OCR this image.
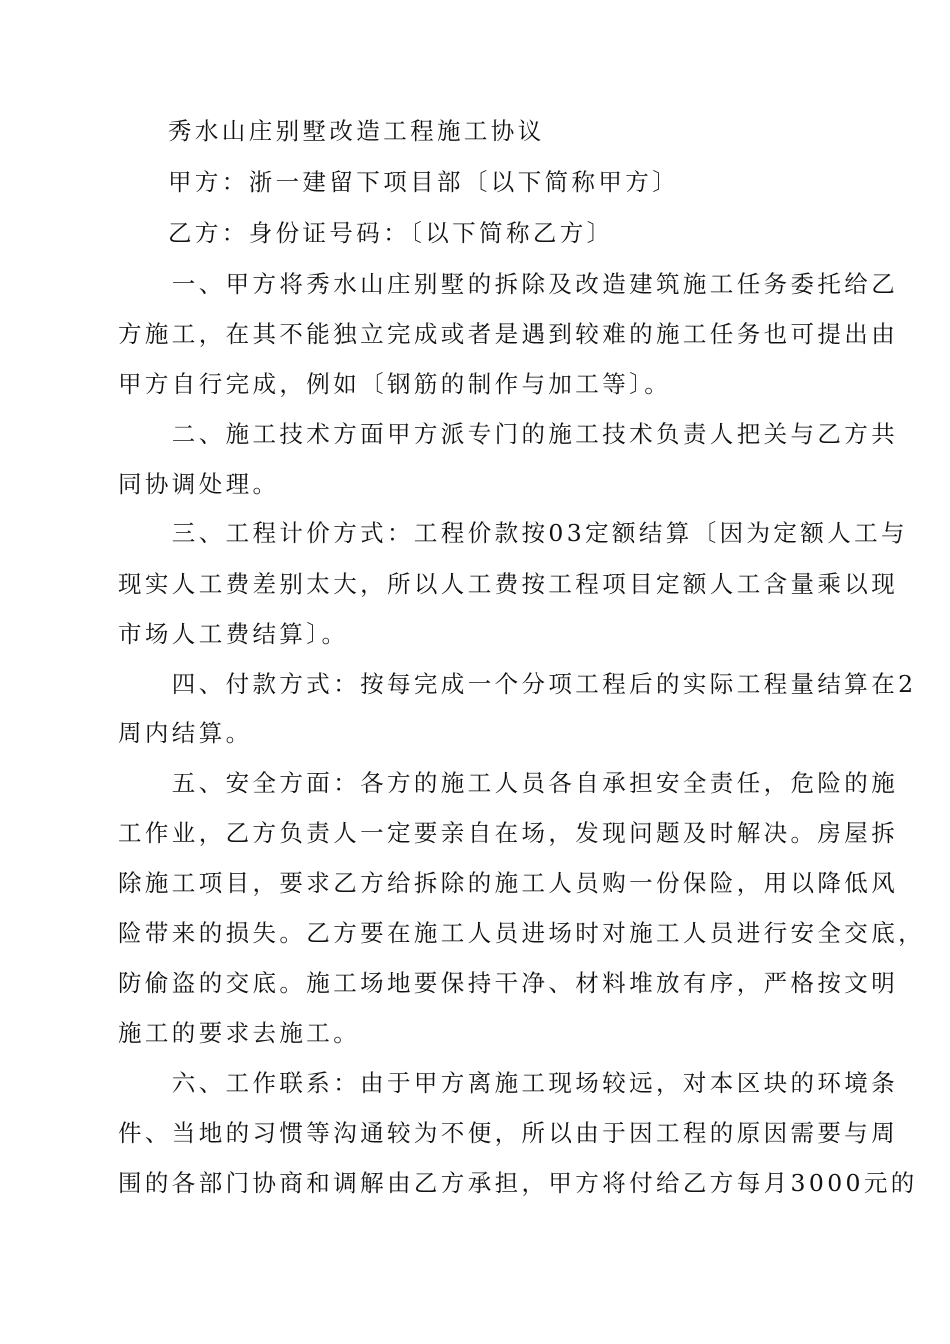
秀水山庄别墅改造工程施工协议

甲方：浙一建留下项目部〔以下简称甲方〕

乙方：身份证号码：〔以下简称乙方〕

　　一、甲方将秀水山庄别墅的拆除及改造建筑施工任务委托给乙

方施工，在其不能独立完成或者是遇到较难的施工任务也可提出由

甲方自行完成，例如〔钢筋的制作与加工等〕。

　　二、施工技术方面甲方派专门的施工技术负责人把关与乙方共

同协调处理。

　　三、工程计价方式：工程价款按03定额结算〔因为定额人工与

现实人工费差别太大，所以人工费按工程项目定额人工含量乘以现

市场人工费结算〕。

　　四、付款方式：按每完成一个分项工程后的实际工程量结算在2

周内结算。

　　五、安全方面：各方的施工人员各自承担安全责任，危险的施

工作业，乙方负责人一定要亲自在场，发现问题及时解决。房屋拆

除施工项目，要求乙方给拆除的施工人员购一份保险，用以降低风

险带来的损失。乙方要在施工人员进场时对施工人员进行安全交底，

防偷盗的交底。施工场地要保持干净、材料堆放有序，严格按文明

施工的要求去施工。

　　六、工作联系：由于甲方离施工现场较远，对本区块的环境条

件、当地的习惯等沟通较为不便，所以由于因工程的原因需要与周

围的各部门协商和调解由乙方承担，甲方将付给乙方每月3000元的
